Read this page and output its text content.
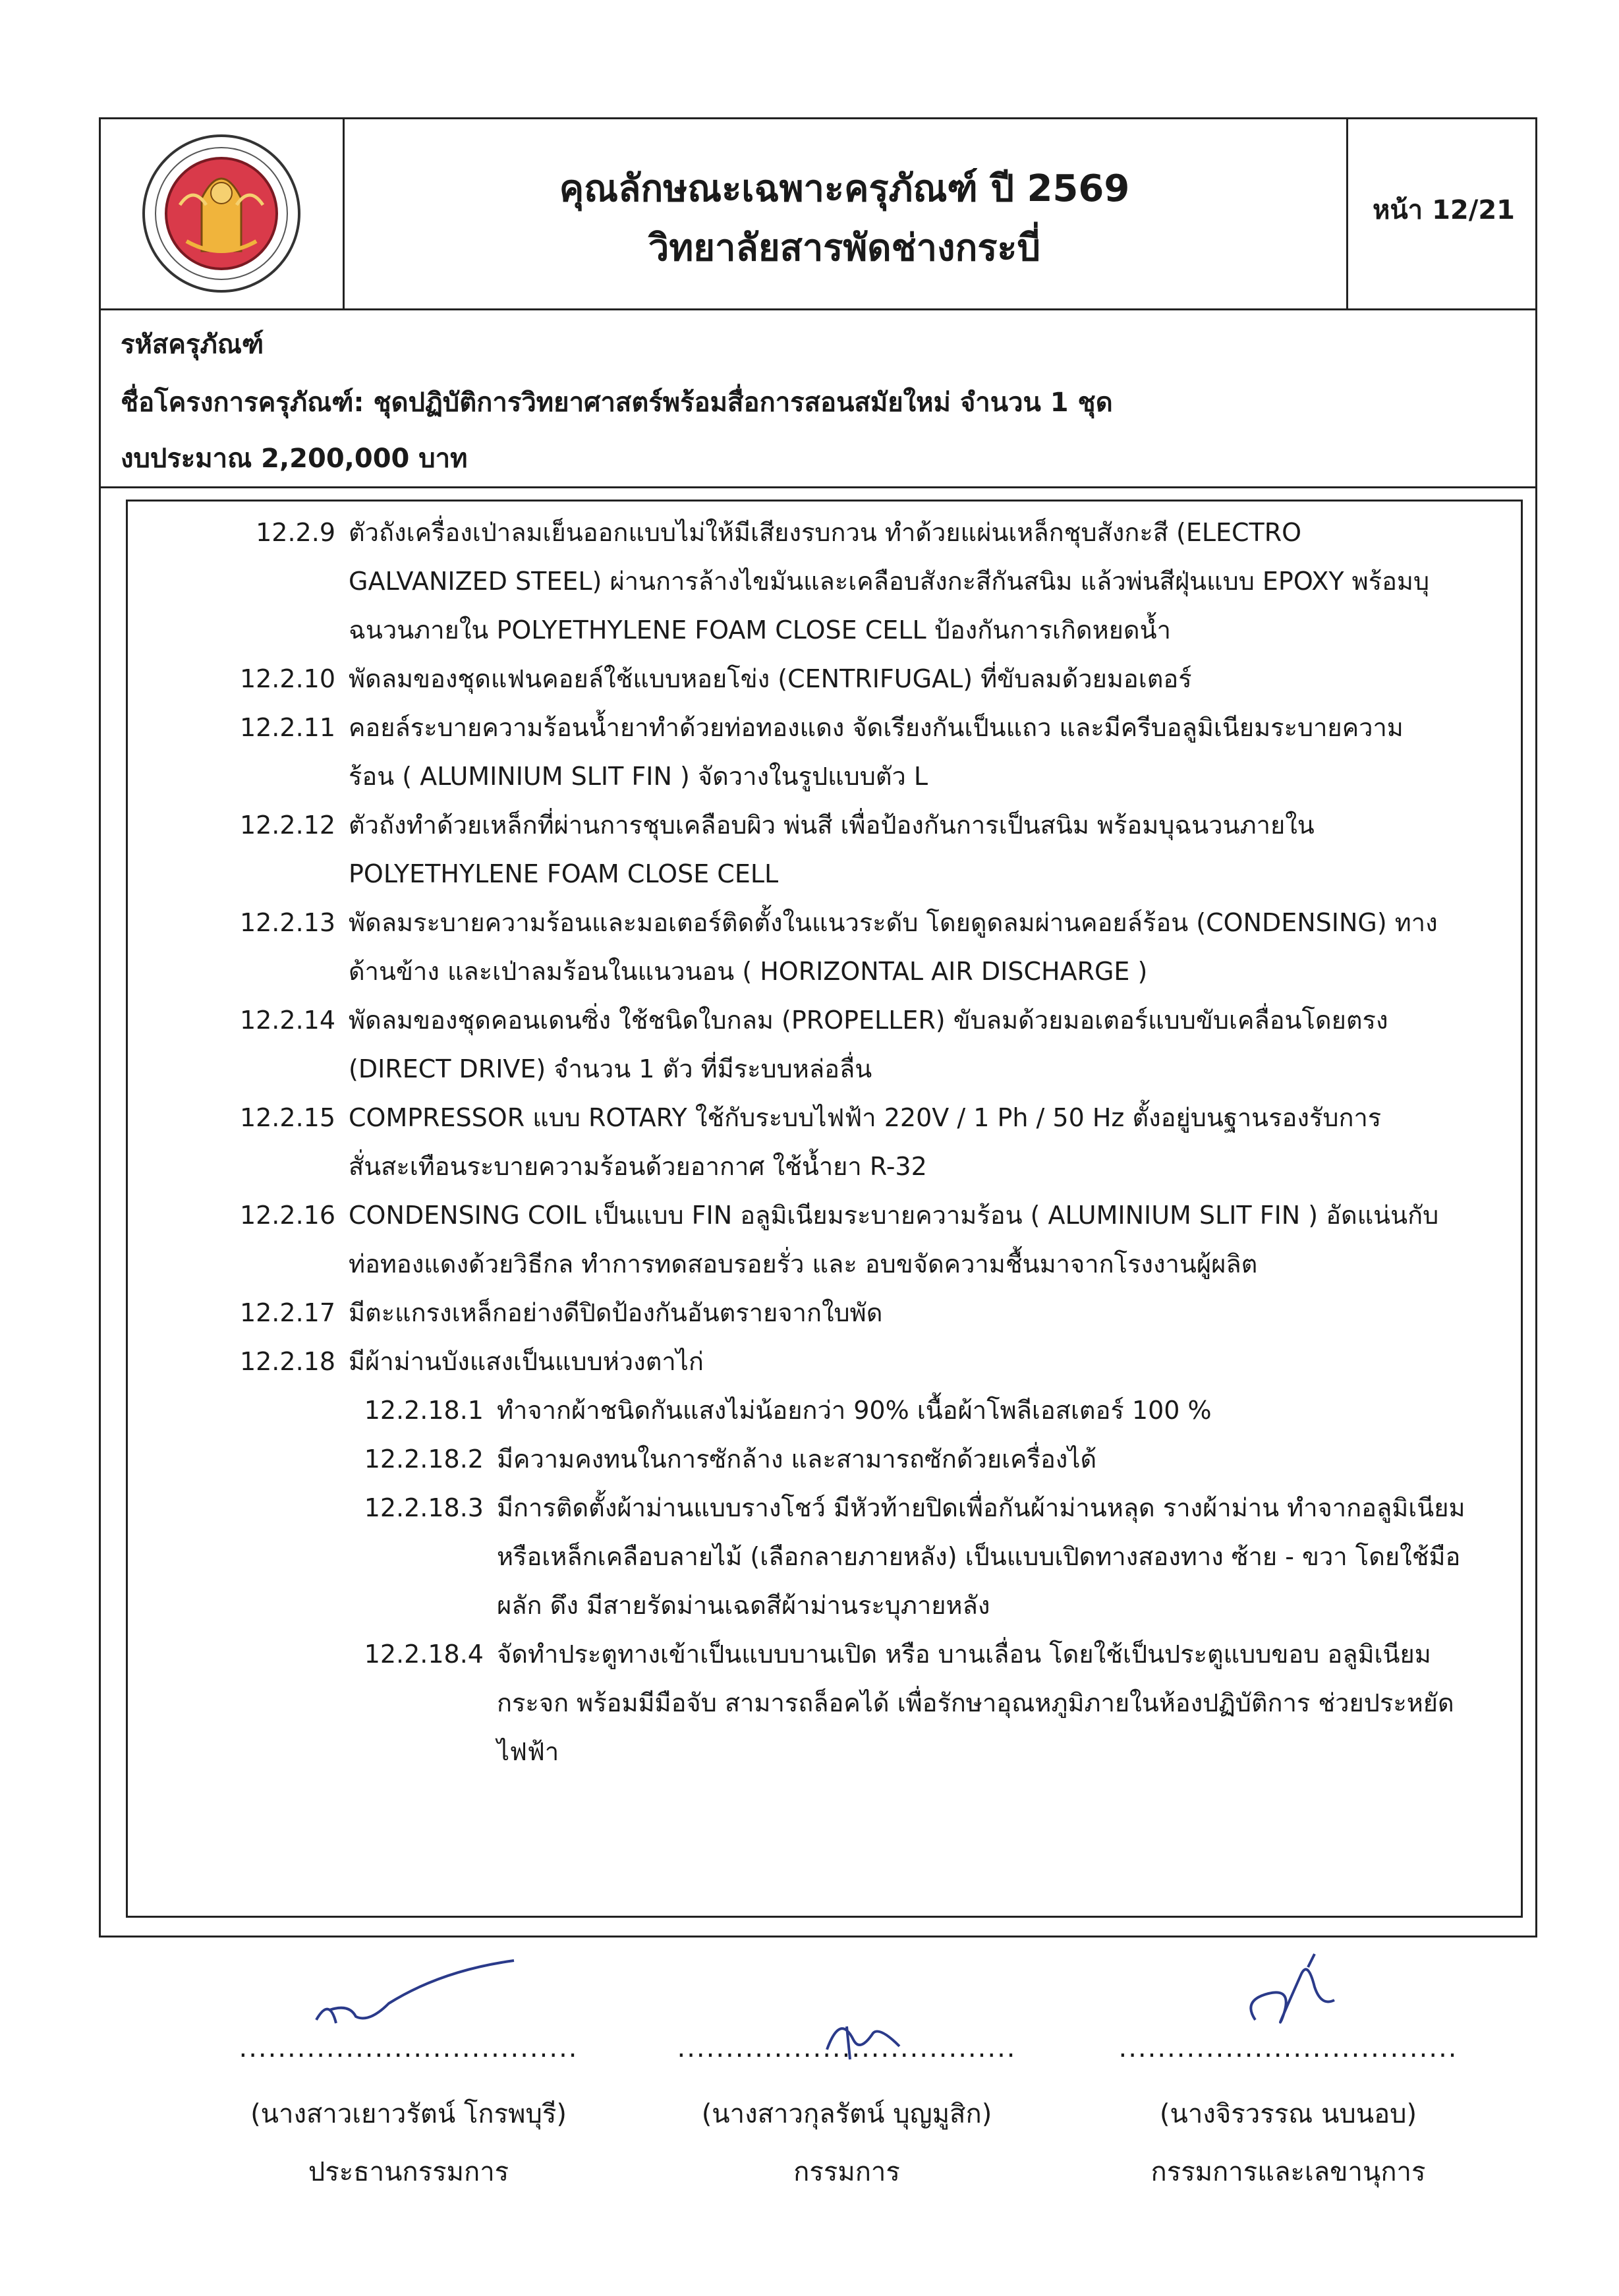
คุณลักษณะเฉพาะครุภัณฑ์ ปี 2569
วิทยาลัยสารพัดช่างกระบี่
หน้า 12/21
รหัสครุภัณฑ์
ชื่อโครงการครุภัณฑ์: ชุดปฏิบัติการวิทยาศาสตร์พร้อมสื่อการสอนสมัยใหม่ จำนวน 1 ชุด
งบประมาณ 2,200,000 บาท
12.2.9 ตัวถังเครื่องเป่าลมเย็นออกแบบไม่ให้มีเสียงรบกวน ทำด้วยแผ่นเหล็กชุบสังกะสี (ELECTRO
GALVANIZED STEEL) ผ่านการล้างไขมันและเคลือบสังกะสีกันสนิม แล้วพ่นสีฝุ่นแบบ EPOXY พร้อมบุ
ฉนวนภายใน POLYETHYLENE FOAM CLOSE CELL ป้องกันการเกิดหยดน้ำ
12.2.10 พัดลมของชุดแฟนคอยล์ใช้แบบหอยโข่ง (CENTRIFUGAL) ที่ขับลมด้วยมอเตอร์
12.2.11 คอยล์ระบายความร้อนน้ำยาทำด้วยท่อทองแดง จัดเรียงกันเป็นแถว และมีครีบอลูมิเนียมระบายความ
ร้อน ( ALUMINIUM SLIT FIN ) จัดวางในรูปแบบตัว L
12.2.12 ตัวถังทำด้วยเหล็กที่ผ่านการชุบเคลือบผิว พ่นสี เพื่อป้องกันการเป็นสนิม พร้อมบุฉนวนภายใน
POLYETHYLENE FOAM CLOSE CELL
12.2.13 พัดลมระบายความร้อนและมอเตอร์ติดตั้งในแนวระดับ โดยดูดลมผ่านคอยล์ร้อน (CONDENSING) ทาง
ด้านข้าง และเป่าลมร้อนในแนวนอน ( HORIZONTAL AIR DISCHARGE )
12.2.14 พัดลมของชุดคอนเดนซิ่ง ใช้ชนิดใบกลม (PROPELLER) ขับลมด้วยมอเตอร์แบบขับเคลื่อนโดยตรง
(DIRECT DRIVE) จำนวน 1 ตัว ที่มีระบบหล่อลื่น
12.2.15 COMPRESSOR แบบ ROTARY ใช้กับระบบไฟฟ้า 220V / 1 Ph / 50 Hz ตั้งอยู่บนฐานรองรับการ
สั่นสะเทือนระบายความร้อนด้วยอากาศ ใช้น้ำยา R-32
12.2.16 CONDENSING COIL เป็นแบบ FIN อลูมิเนียมระบายความร้อน ( ALUMINIUM SLIT FIN ) อัดแน่นกับ
ท่อทองแดงด้วยวิธีกล ทำการทดสอบรอยรั่ว และ อบขจัดความชื้นมาจากโรงงานผู้ผลิต
12.2.17 มีตะแกรงเหล็กอย่างดีปิดป้องกันอันตรายจากใบพัด
12.2.18 มีผ้าม่านบังแสงเป็นแบบห่วงตาไก่
12.2.18.1 ทำจากผ้าชนิดกันแสงไม่น้อยกว่า 90% เนื้อผ้าโพลีเอสเตอร์ 100 %
12.2.18.2 มีความคงทนในการซักล้าง และสามารถซักด้วยเครื่องได้
12.2.18.3 มีการติดตั้งผ้าม่านแบบรางโชว์ มีหัวท้ายปิดเพื่อกันผ้าม่านหลุด รางผ้าม่าน ทำจากอลูมิเนียม
หรือเหล็กเคลือบลายไม้ (เลือกลายภายหลัง) เป็นแบบเปิดทางสองทาง ซ้าย - ขวา โดยใช้มือ
ผลัก ดึง มีสายรัดม่านเฉดสีผ้าม่านระบุภายหลัง
12.2.18.4 จัดทำประตูทางเข้าเป็นแบบบานเปิด หรือ บานเลื่อน โดยใช้เป็นประตูแบบขอบ อลูมิเนียม
กระจก พร้อมมีมือจับ สามารถล็อคได้ เพื่อรักษาอุณหภูมิภายในห้องปฏิบัติการ ช่วยประหยัด
ไฟฟ้า
...................................
(นางสาวเยาวรัตน์ โกรพบุรี)
ประธานกรรมการ
...................................
(นางสาวกุลรัตน์ บุญมูสิก)
กรรมการ
...................................
(นางจิรวรรณ นบนอบ)
กรรมการและเลขานุการ
